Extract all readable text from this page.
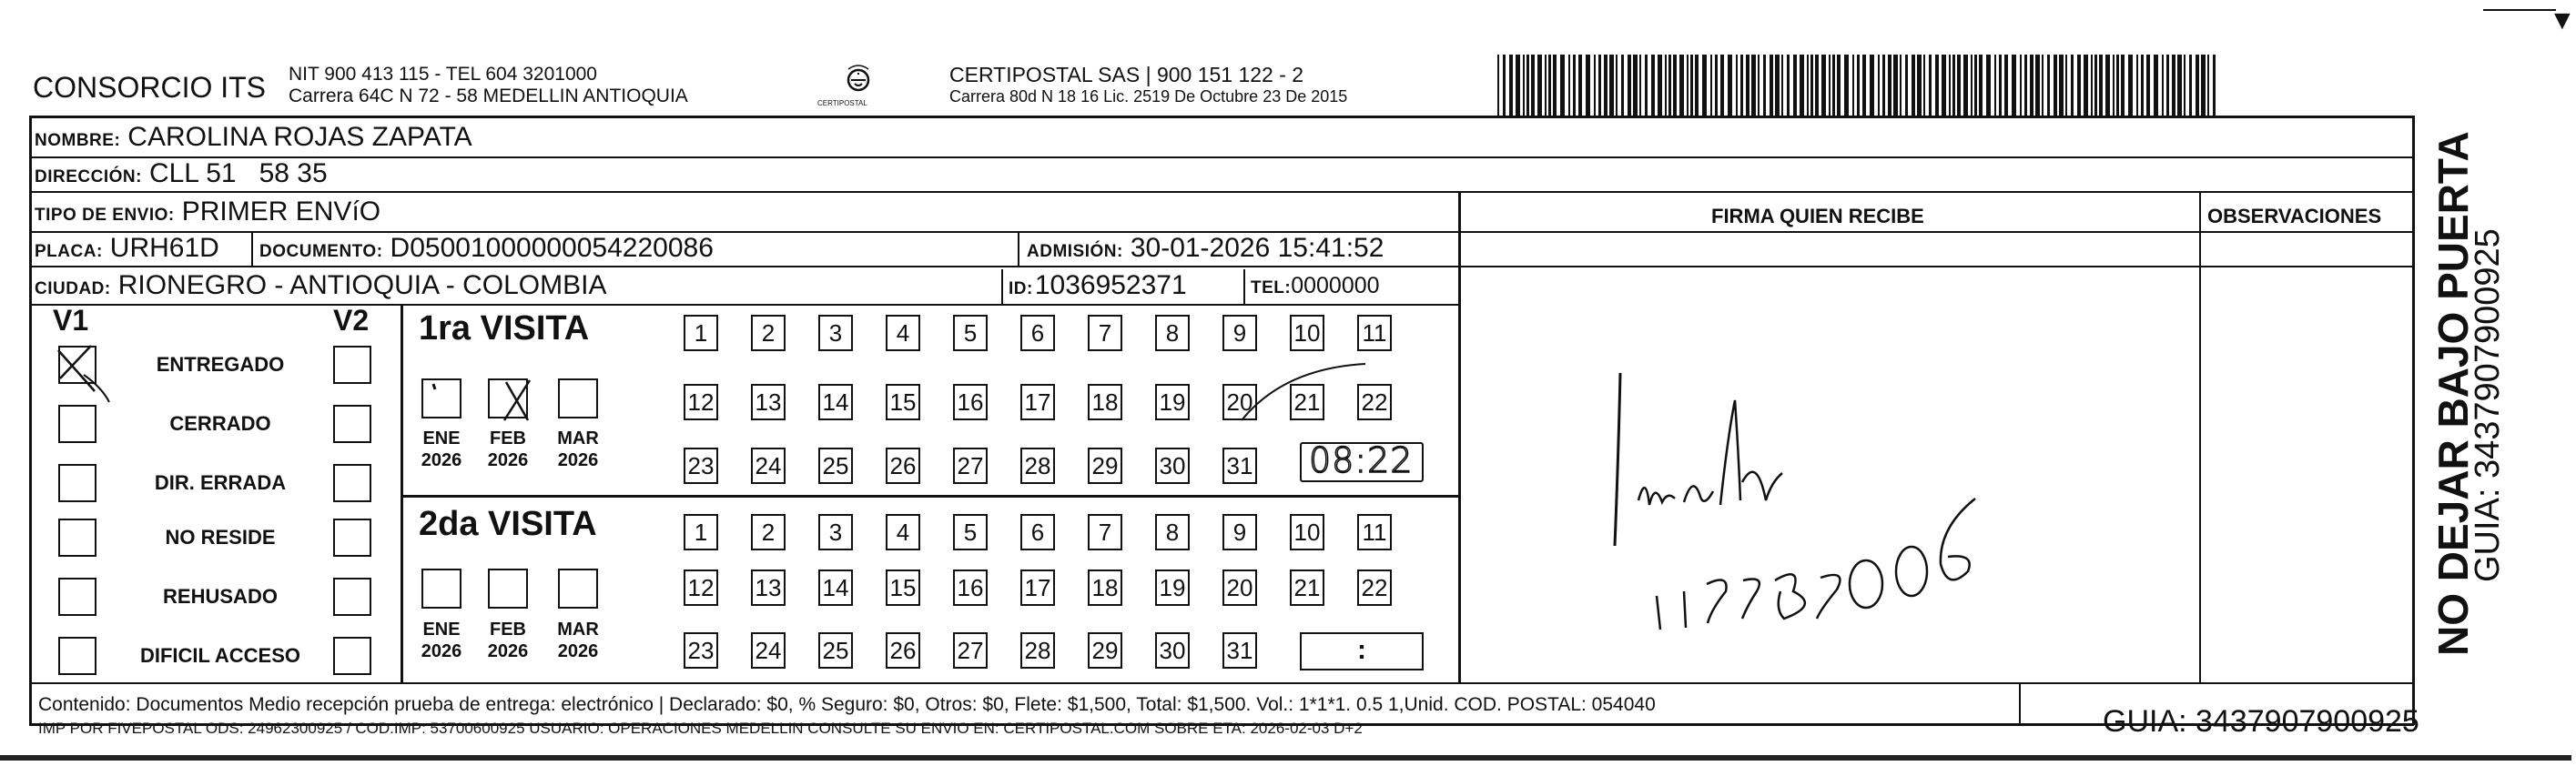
CONSORCIO ITS NIT 900 413 115 - TEL 604 3201000
Carrera 64C N 72 - 58 MEDELLIN ANTIOQUIA	CERTIPOSTAL
CERTIPOSTAL SAS | 900 151 122 - 2
Carrera 80d N 18 16 Lic. 2519 De Octubre 23 De 2015
▼
NOMBRE: CAROLINA ROJAS ZAPATA
DIRECCIÓN: CLL 51   58 35
TIPO DE ENVIO: PRIMER ENVíO
PLACA: URH61D DOCUMENTO: D05001000000054220086	ADMISIÓN: 30-01-2026 15:41:52
CIUDAD: RIONEGRO - ANTIOQUIA - COLOMBIA	ID: 1036952371	TEL: 0000000
V1	V2
ENTREGADO
CERRADO
DIR. ERRADA
NO RESIDE
REHUSADO
DIFICIL ACCESO
1ra VISITA
2da VISITA
1	2	3	4	5	6	7	8	9	10 11
12 13 14 15 16 17 18 19 20 21 22
23 24 25 26 27 28 29 30 31
ENE
2026
FEB
2026
MAR
2026
1	2	3	4	5	6	7	8	9	10 11
12 13 14 15 16 17 18 19 20 21 22
23 24 25 26 27 28 29 30 31
ENE
2026
FEB
2026
MAR
2026
08:22
:
FIRMA QUIEN RECIBE	OBSERVACIONES
Contenido: Documentos Medio recepción prueba de entrega: electrónico | Declarado: $0, % Seguro: $0, Otros: $0, Flete: $1,500, Total: $1,500. Vol.: 1*1*1. 0.5 1,Unid. COD. POSTAL: 054040
IMP POR FIVEPOSTAL ODS: 24962300925 / COD.IMP: 53700600925 USUARIO: OPERACIONES MEDELLIN CONSULTE SU ENVIO EN: CERTIPOSTAL.COM SOBRE ETA: 2026-02-03 D+2	GUIA: 3437907900925
NO DEJAR BAJO PUERTA
GUIA: 3437907900925
